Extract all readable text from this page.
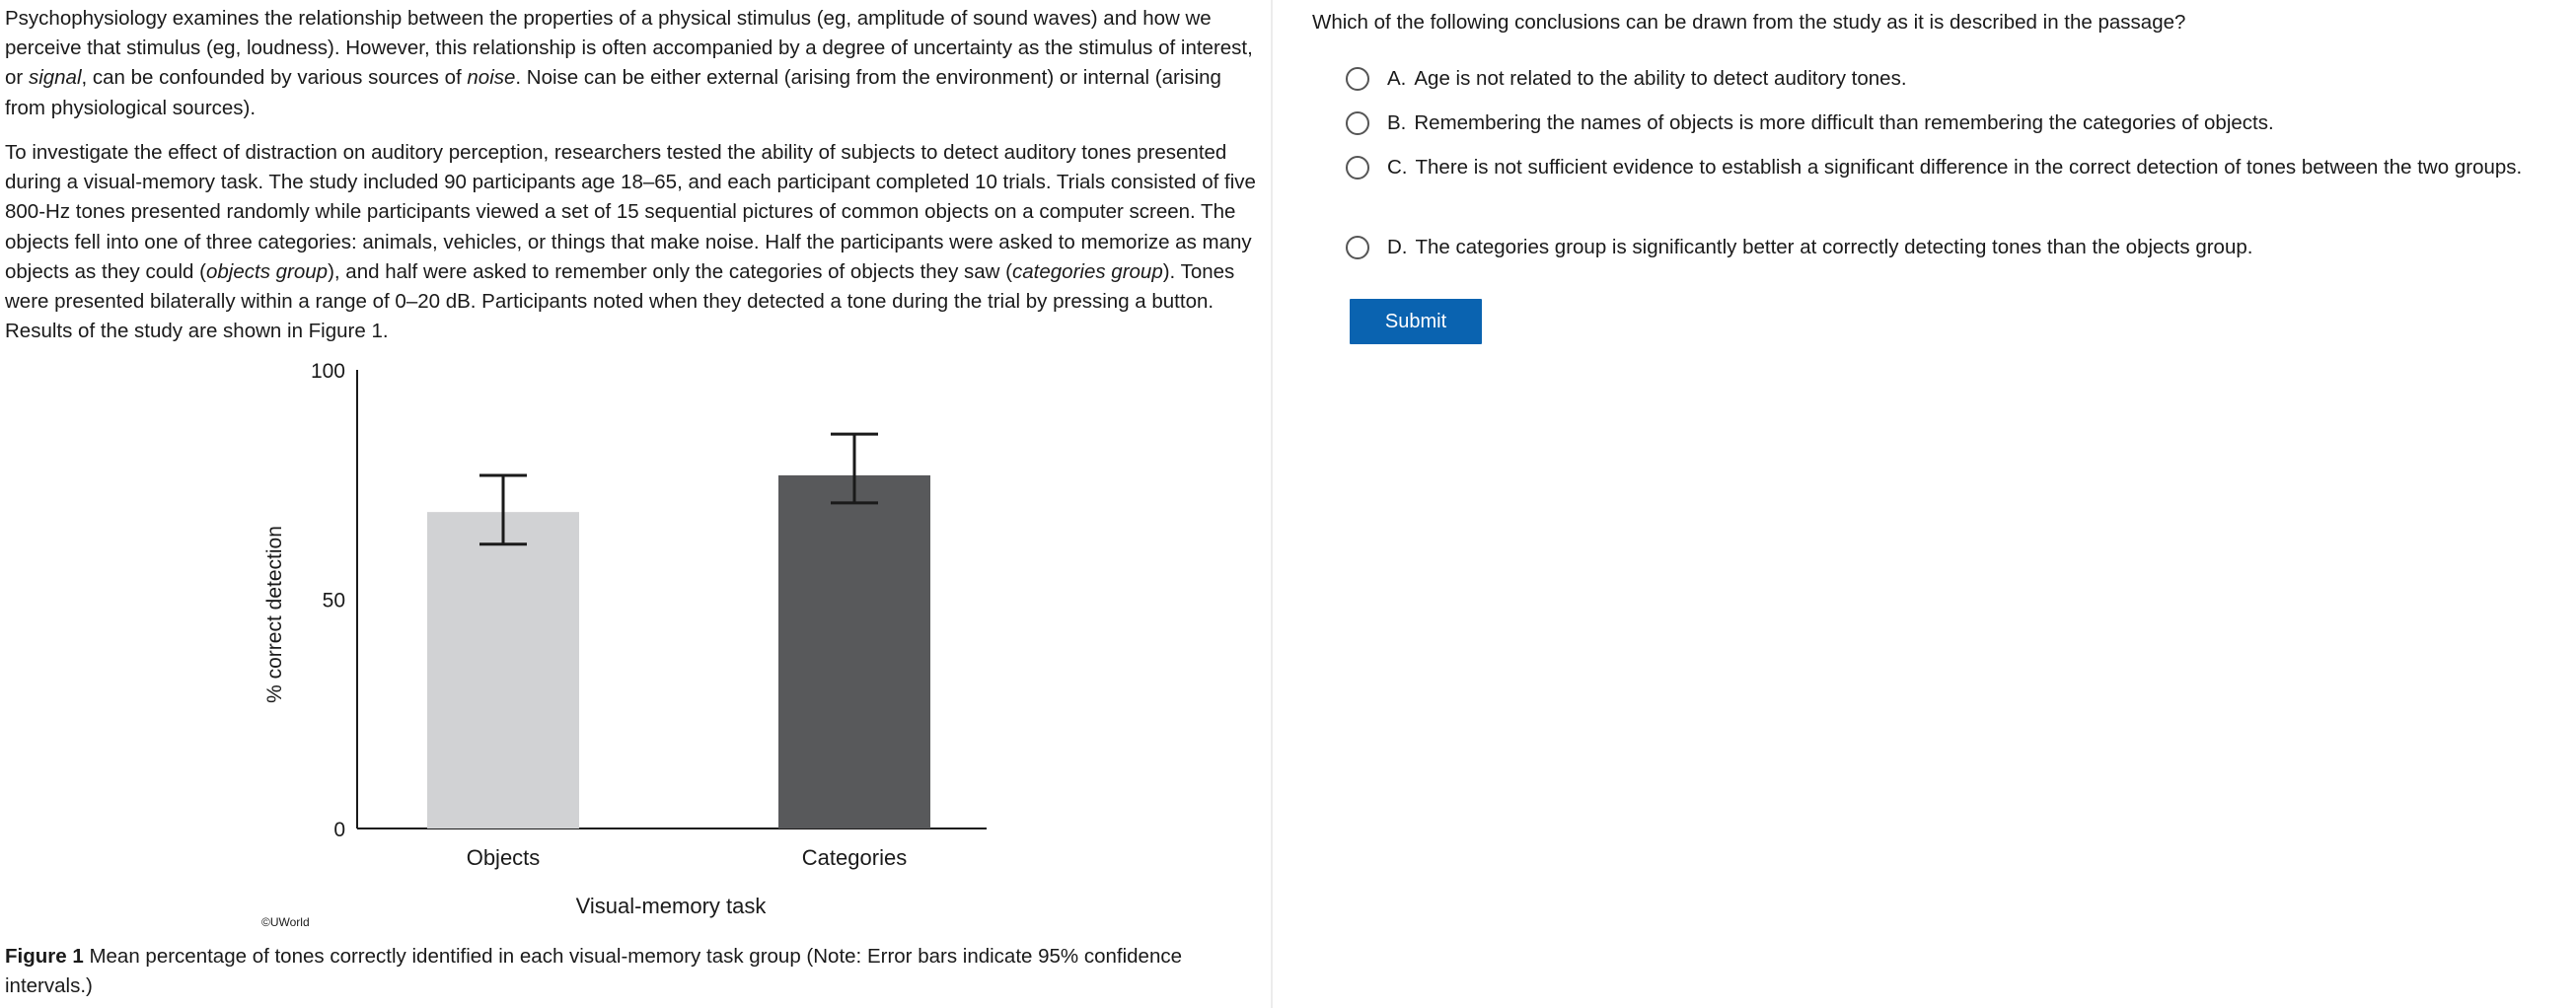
Psychophysiology examines the relationship between the properties of a physical stimulus (eg, amplitude of sound waves) and how we perceive that stimulus (eg, loudness). However, this relationship is often accompanied by a degree of uncertainty as the stimulus of interest, or signal, can be confounded by various sources of noise. Noise can be either external (arising from the environment) or internal (arising from physiological sources).

To investigate the effect of distraction on auditory perception, researchers tested the ability of subjects to detect auditory tones presented during a visual-memory task. The study included 90 participants age 18–65, and each participant completed 10 trials. Trials consisted of five 800-Hz tones presented randomly while participants viewed a set of 15 sequential pictures of common objects on a computer screen. The objects fell into one of three categories: animals, vehicles, or things that make noise. Half the participants were asked to memorize as many objects as they could (objects group), and half were asked to remember only the categories of objects they saw (categories group). Tones were presented bilaterally within a range of 0–20 dB. Participants noted when they detected a tone during the trial by pressing a button. Results of the study are shown in Figure 1.

Objects	Categories
0
50
100
% correct detection
Visual-memory task
©UWorld

Figure 1 Mean percentage of tones correctly identified in each visual-memory task group (Note: Error bars indicate 95% confidence intervals.)

Which of the following conclusions can be drawn from the study as it is described in the passage?

A. Age is not related to the ability to detect auditory tones.
B. Remembering the names of objects is more difficult than remembering the categories of objects.
C. There is not sufficient evidence to establish a significant difference in the correct detection of tones between the two groups.
D. The categories group is significantly better at correctly detecting tones than the objects group.
Submit
